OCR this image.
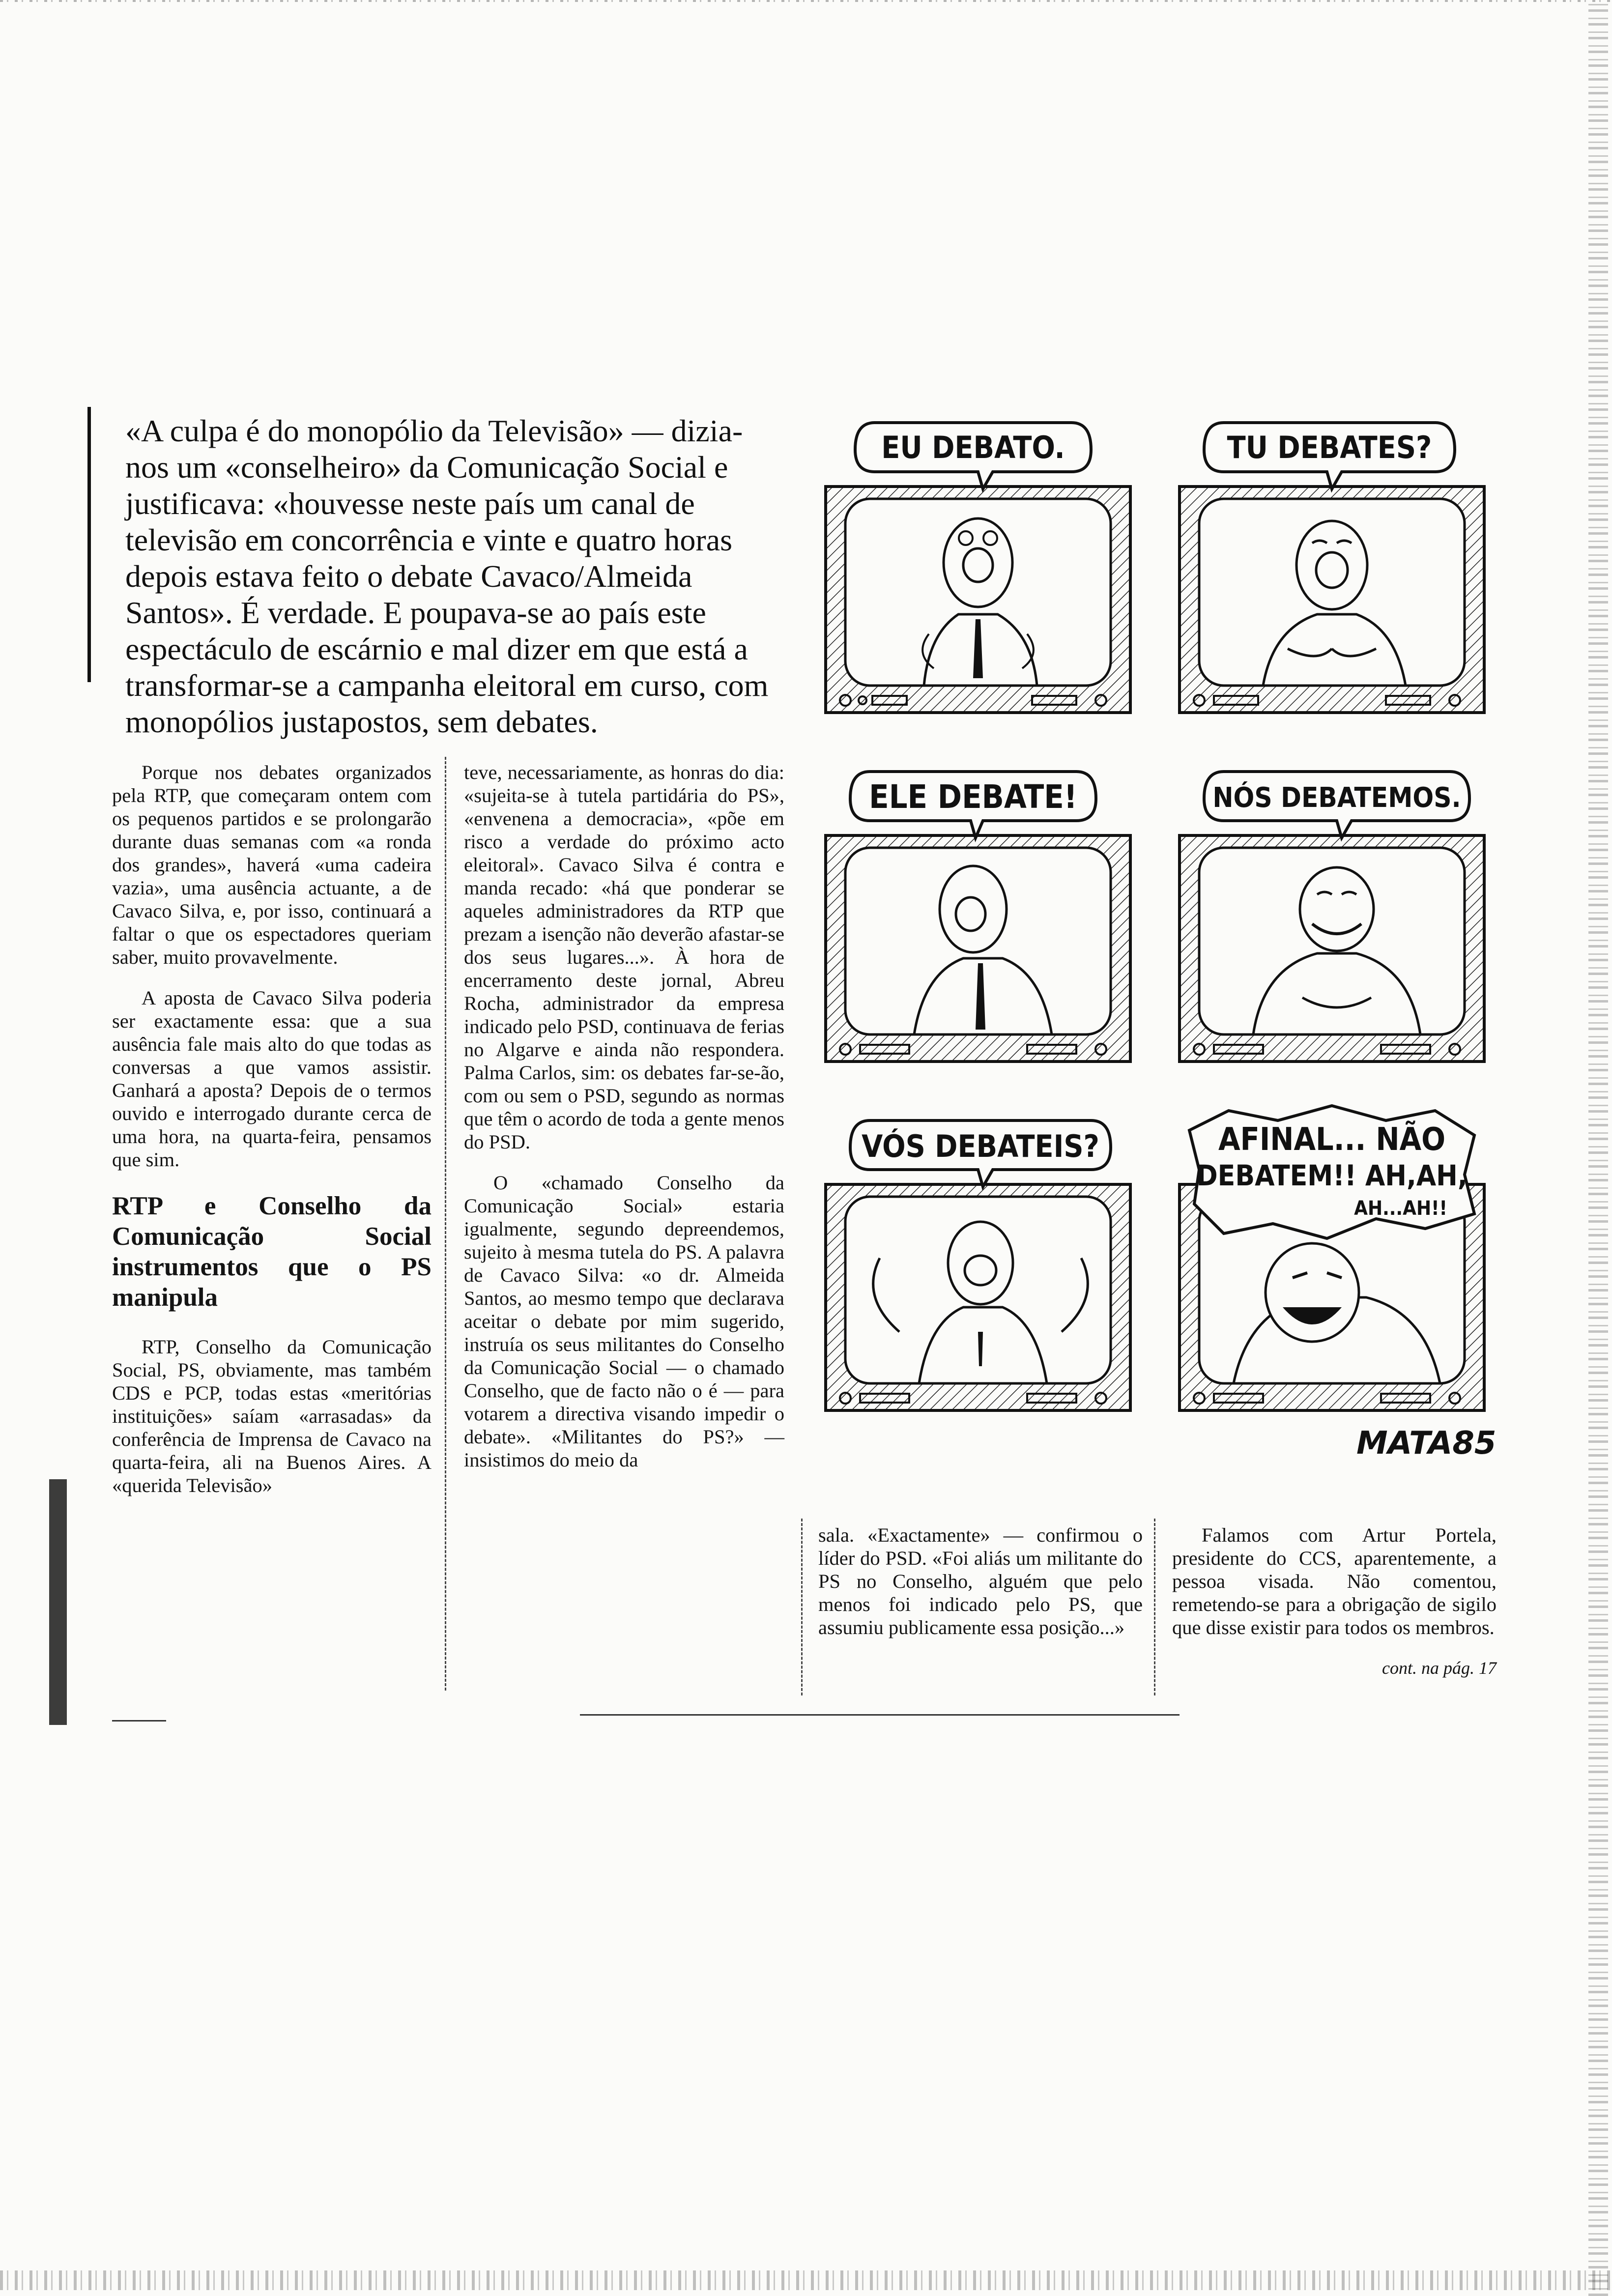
«A culpa é do monopólio da Televisão» — dizia-nos um «conselheiro» da Comunicação Social e justificava: «houvesse neste país um canal de televisão em concorrência e vinte e quatro horas depois estava feito o debate Cavaco/Almeida Santos». É verdade. E poupava-se ao país este espectáculo de escárnio e mal dizer em que está a transformar-se a campanha eleitoral em curso, com monopólios justapostos, sem debates.

Porque nos debates organizados pela RTP, que começaram ontem com os pequenos partidos e se prolongarão durante duas semanas com «a ronda dos grandes», haverá «uma cadeira vazia», uma ausência actuante, a de Cavaco Silva, e, por isso, continuará a faltar o que os espectadores queriam saber, muito provavelmente.

A aposta de Cavaco Silva poderia ser exactamente essa: que a sua ausência fale mais alto do que todas as conversas a que vamos assistir. Ganhará a aposta? Depois de o termos ouvido e interrogado durante cerca de uma hora, na quarta-feira, pensamos que sim.

RTP e Conselho da Comunicação Social instrumentos que o PS manipula

RTP, Conselho da Comunicação Social, PS, obviamente, mas também CDS e PCP, todas estas «meritórias instituições» saíam «arrasadas» da conferência de Imprensa de Cavaco na quarta-feira, ali na Buenos Aires. A «querida Televisão»

teve, necessariamente, as honras do dia: «sujeita-se à tutela partidária do PS», «envenena a democracia», «põe em risco a verdade do próximo acto eleitoral». Cavaco Silva é contra e manda recado: «há que ponderar se aqueles administradores da RTP que prezam a isenção não deverão afastar-se dos seus lugares...». À hora de encerramento deste jornal, Abreu Rocha, administrador da empresa indicado pelo PSD, continuava de ferias no Algarve e ainda não respondera. Palma Carlos, sim: os debates far-se-ão, com ou sem o PSD, segundo as normas que têm o acordo de toda a gente menos do PSD.

O «chamado Conselho da Comunicação Social» estaria igualmente, segundo depreendemos, sujeito à mesma tutela do PS. A palavra de Cavaco Silva: «o dr. Almeida Santos, ao mesmo tempo que declarava aceitar o debate por mim sugerido, instruía os seus militantes do Conselho da Comunicação Social — o chamado Conselho, que de facto não o é — para votarem a directiva visando impedir o debate». «Militantes do PS?» — insistimos do meio da

EU DEBATO.	TU DEBATES?
ELE DEBATE!	NÓS DEBATEMOS.
VÓS DEBATEIS?	AFINAL... NÃO
DEBATEM!! AH,AH,
AH...AH!!
MATA85

sala. «Exactamente» — confirmou o líder do PSD. «Foi aliás um militante do PS no Conselho, alguém que pelo menos foi indicado pelo PS, que assumiu publicamente essa posição...»

Falamos com Artur Portela, presidente do CCS, aparentemente, a pessoa visada. Não comentou, remetendo-se para a obrigação de sigilo que disse existir para todos os membros.

cont. na pág. 17
